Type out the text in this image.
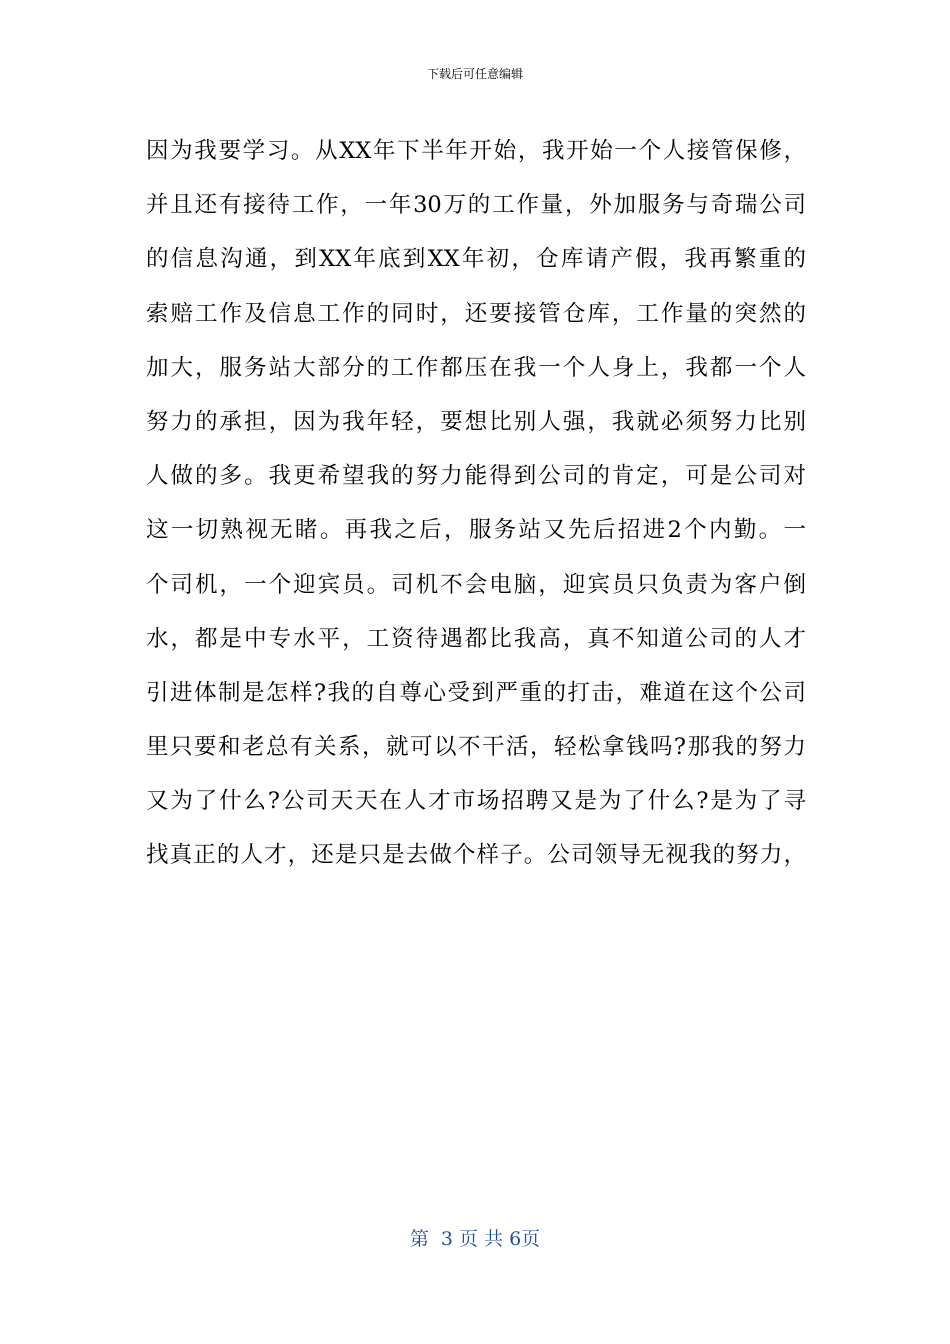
下载后可任意编辑
因为我要学习。从XX年下半年开始，我开始一个人接管保修，
并且还有接待工作，一年30万的工作量，外加服务与奇瑞公司
的信息沟通，到XX年底到XX年初，仓库请产假，我再繁重的
索赔工作及信息工作的同时，还要接管仓库，工作量的突然的
加大，服务站大部分的工作都压在我一个人身上，我都一个人
努力的承担，因为我年轻，要想比别人强，我就必须努力比别
人做的多。我更希望我的努力能得到公司的肯定，可是公司对
这一切熟视无睹。再我之后，服务站又先后招进2个内勤。一
个司机，一个迎宾员。司机不会电脑，迎宾员只负责为客户倒
水，都是中专水平，工资待遇都比我高，真不知道公司的人才
引进体制是怎样?我的自尊心受到严重的打击，难道在这个公司
里只要和老总有关系，就可以不干活，轻松拿钱吗?那我的努力
又为了什么?公司天天在人才市场招聘又是为了什么?是为了寻
找真正的人才，还是只是去做个样子。公司领导无视我的努力，
第  3 页 共 6页
